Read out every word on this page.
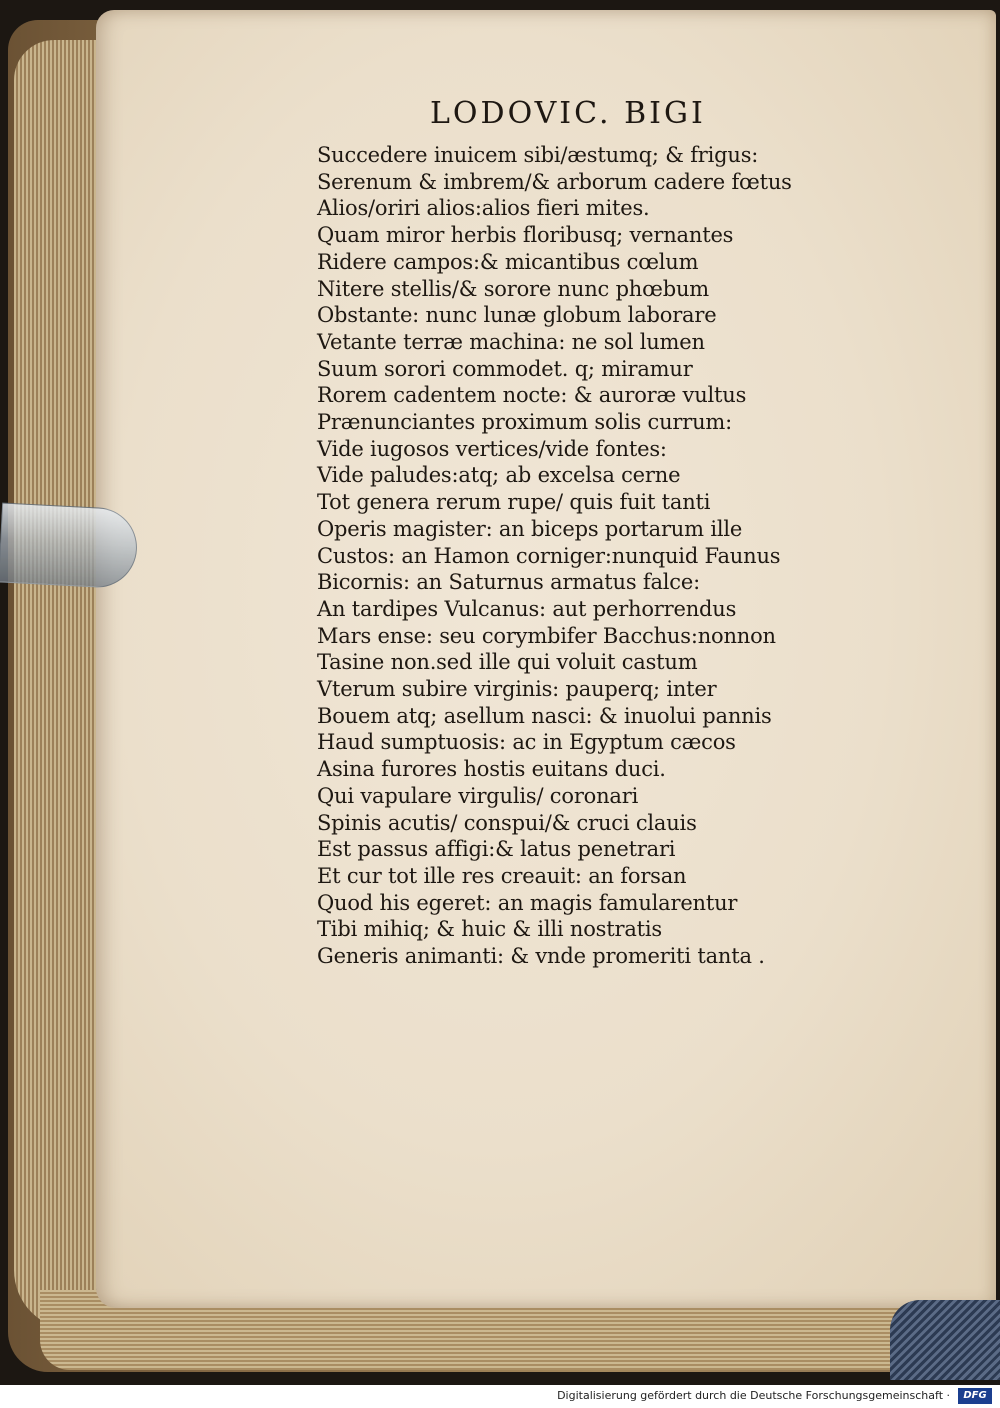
LODOVIC. BIGI
Succedere inuicem sibi/æstumq; & frigus:
Serenum & imbrem/& arborum cadere fœtus
Alios/oriri alios:alios fieri mites.
Quam miror herbis floribusq; vernantes
Ridere campos:& micantibus cœlum
Nitere stellis/& sorore nunc phœbum
Obstante: nunc lunæ globum laborare
Vetante terræ machina: ne sol lumen
Suum sorori commodet. q; miramur
Rorem cadentem nocte: & auroræ vultus
Prænunciantes proximum solis currum:
Vide iugosos vertices/vide fontes:
Vide paludes:atq; ab excelsa cerne
Tot genera rerum rupe/ quis fuit tanti
Operis magister: an biceps portarum ille
Custos: an Hamon corniger:nunquid Faunus
Bicornis: an Saturnus armatus falce:
An tardipes Vulcanus: aut perhorrendus
Mars ense: seu corymbifer Bacchus:nonnon
Tasine non.sed ille qui voluit castum
Vterum subire virginis: pauperq; inter
Bouem atq; asellum nasci: & inuolui pannis
Haud sumptuosis: ac in Egyptum cæcos
Asina furores hostis euitans duci.
Qui vapulare virgulis/ coronari
Spinis acutis/ conspui/& cruci clauis
Est passus affigi:& latus penetrari
Et cur tot ille res creauit: an forsan
Quod his egeret: an magis famularentur
Tibi mihiq; & huic & illi nostratis
Generis animanti: & vnde promeriti tanta .
Digitalisierung gefördert durch die Deutsche Forschungsgemeinschaft ·	DFG
